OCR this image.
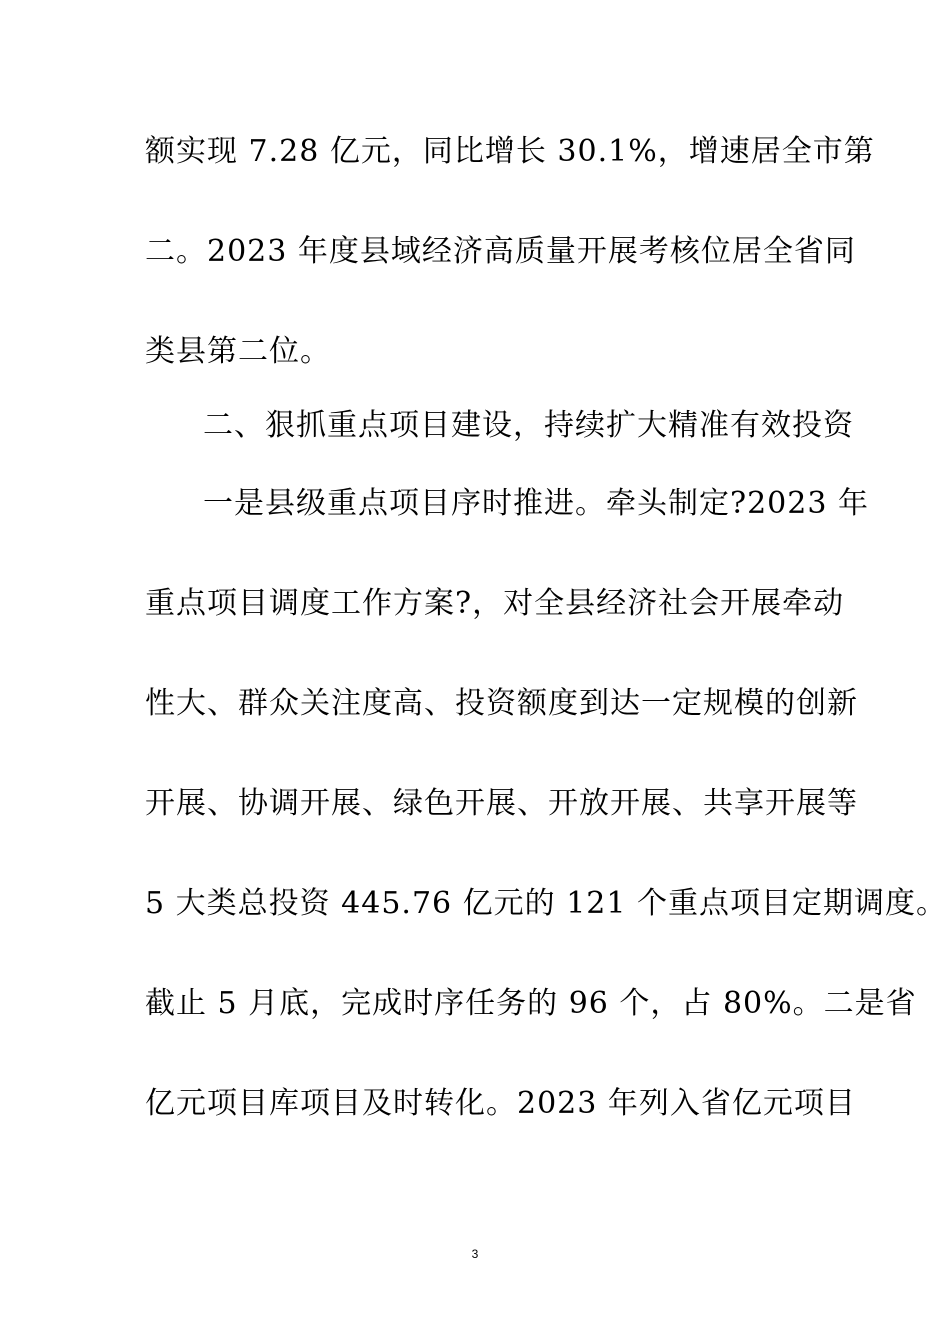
额实现 7.28 亿元，同比增长 30.1%，增速居全市第
二。2023 年度县域经济高质量开展考核位居全省同
类县第二位。
二、狠抓重点项目建设，持续扩大精准有效投资
一是县级重点项目序时推进。牵头制定?2023 年
重点项目调度工作方案?，对全县经济社会开展牵动
性大、群众关注度高、投资额度到达一定规模的创新
开展、协调开展、绿色开展、开放开展、共享开展等
5 大类总投资 445.76 亿元的 121 个重点项目定期调度。
截止 5 月底，完成时序任务的 96 个，占 80%。二是省
亿元项目库项目及时转化。2023 年列入省亿元项目
3
